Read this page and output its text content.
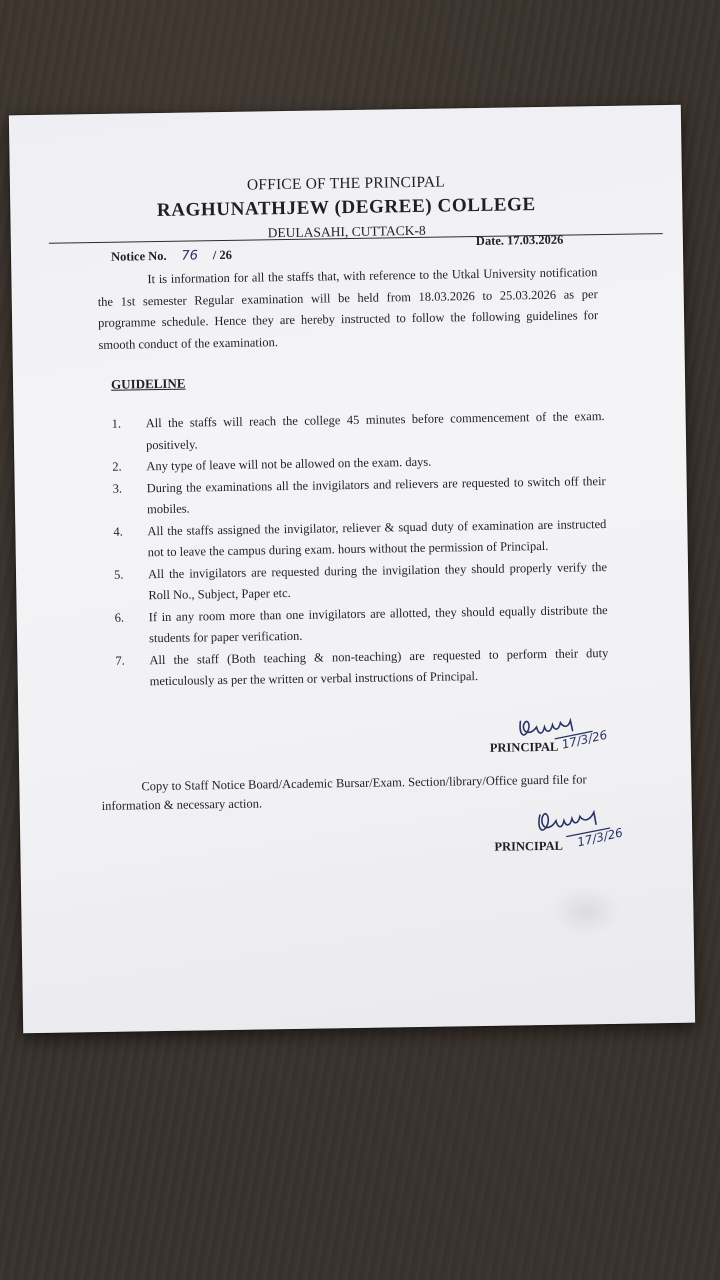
OFFICE OF THE PRINCIPAL
RAGHUNATHJEW (DEGREE) COLLEGE
DEULASAHI, CUTTACK-8
Notice No. 76 / 26
Date. 17.03.2026
It is information for all the staffs that, with reference to the Utkal University notification the 1st semester Regular examination will be held from 18.03.2026 to 25.03.2026 as per programme schedule. Hence they are hereby instructed to follow the following guidelines for smooth conduct of the examination.
GUIDELINE
1. All the staffs will reach the college 45 minutes before commencement of the exam. positively.
2. Any type of leave will not be allowed on the exam. days.
3. During the examinations all the invigilators and relievers are requested to switch off their mobiles.
4. All the staffs assigned the invigilator, reliever & squad duty of examination are instructed not to leave the campus during exam. hours without the permission of Principal.
5. All the invigilators are requested during the invigilation they should properly verify the Roll No., Subject, Paper etc.
6. If in any room more than one invigilators are allotted, they should equally distribute the students for paper verification.
7. All the staff (Both teaching & non-teaching) are requested to perform their duty meticulously as per the written or verbal instructions of Principal.
17/3/26
PRINCIPAL
Copy to Staff Notice Board/Academic Bursar/Exam. Section/library/Office guard file for information & necessary action.
17/3/26
PRINCIPAL
